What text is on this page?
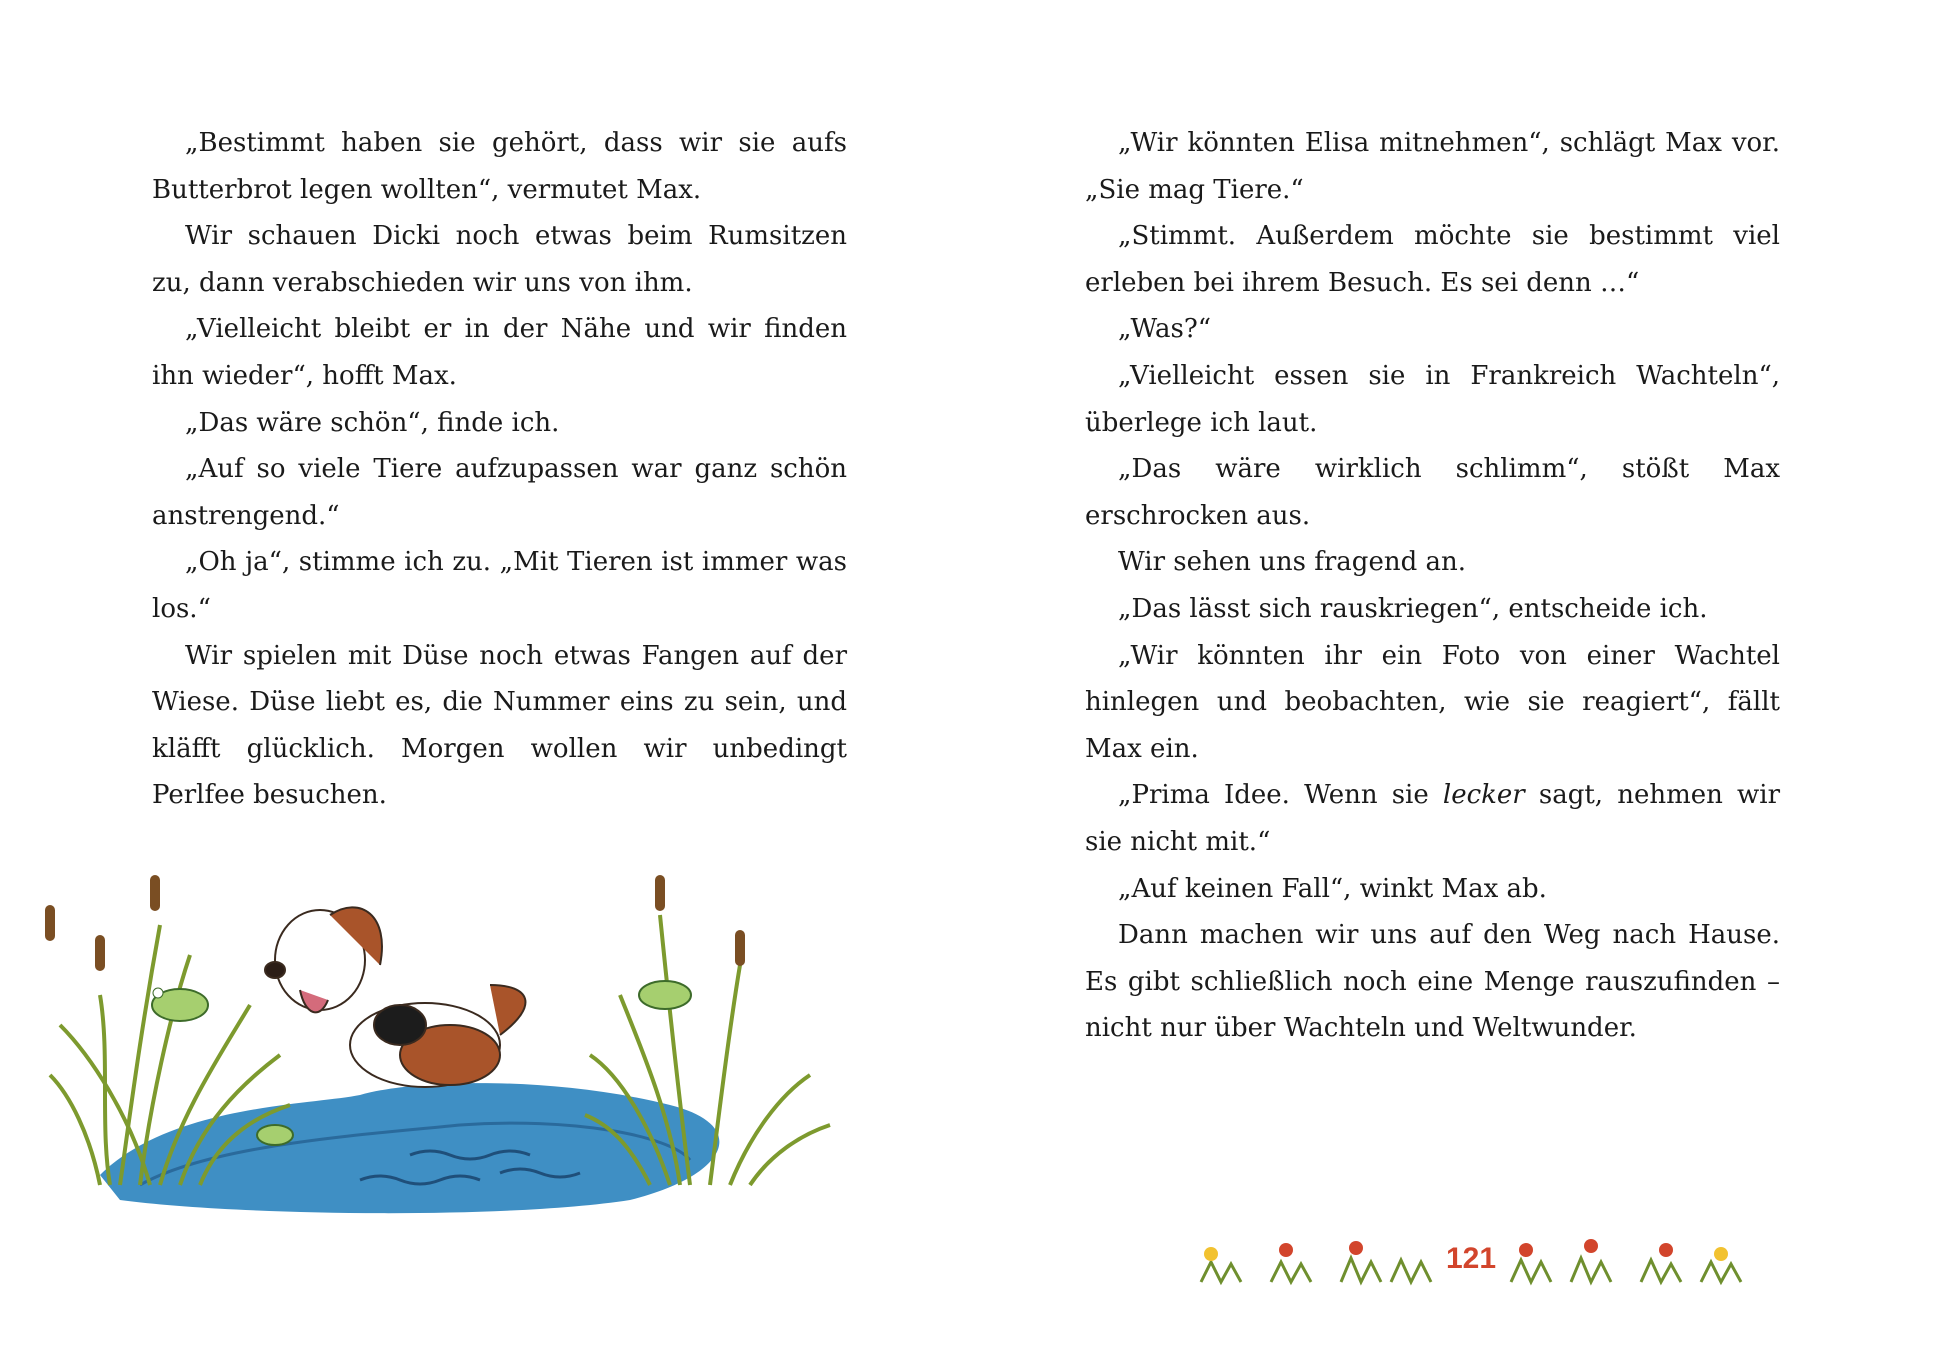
„Bestimmt haben sie gehört, dass wir sie aufs Butterbrot legen wollten“, vermutet Max.

Wir schauen Dicki noch etwas beim Rumsitzen zu, dann verabschieden wir uns von ihm.

„Vielleicht bleibt er in der Nähe und wir finden ihn wieder“, hofft Max.

„Das wäre schön“, finde ich.

„Auf so viele Tiere aufzupassen war ganz schön anstrengend.“

„Oh ja“, stimme ich zu. „Mit Tieren ist immer was los.“

Wir spielen mit Düse noch etwas Fangen auf der Wiese. Düse liebt es, die Nummer eins zu sein, und kläfft glücklich. Morgen wollen wir unbedingt Perlfee besuchen.

„Wir könnten Elisa mitnehmen“, schlägt Max vor. „Sie mag Tiere.“

„Stimmt. Außerdem möchte sie bestimmt viel erleben bei ihrem Besuch. Es sei denn …“

„Was?“

„Vielleicht essen sie in Frankreich Wachteln“, überlege ich laut.

„Das wäre wirklich schlimm“, stößt Max erschrocken aus.

Wir sehen uns fragend an.

„Das lässt sich rauskriegen“, entscheide ich.

„Wir könnten ihr ein Foto von einer Wachtel hinlegen und beobachten, wie sie reagiert“, fällt Max ein.

„Prima Idee. Wenn sie lecker sagt, nehmen wir sie nicht mit.“

„Auf keinen Fall“, winkt Max ab.

Dann machen wir uns auf den Weg nach Hause. Es gibt schließlich noch eine Menge rauszufinden – nicht nur über Wachteln und Weltwunder.

121
